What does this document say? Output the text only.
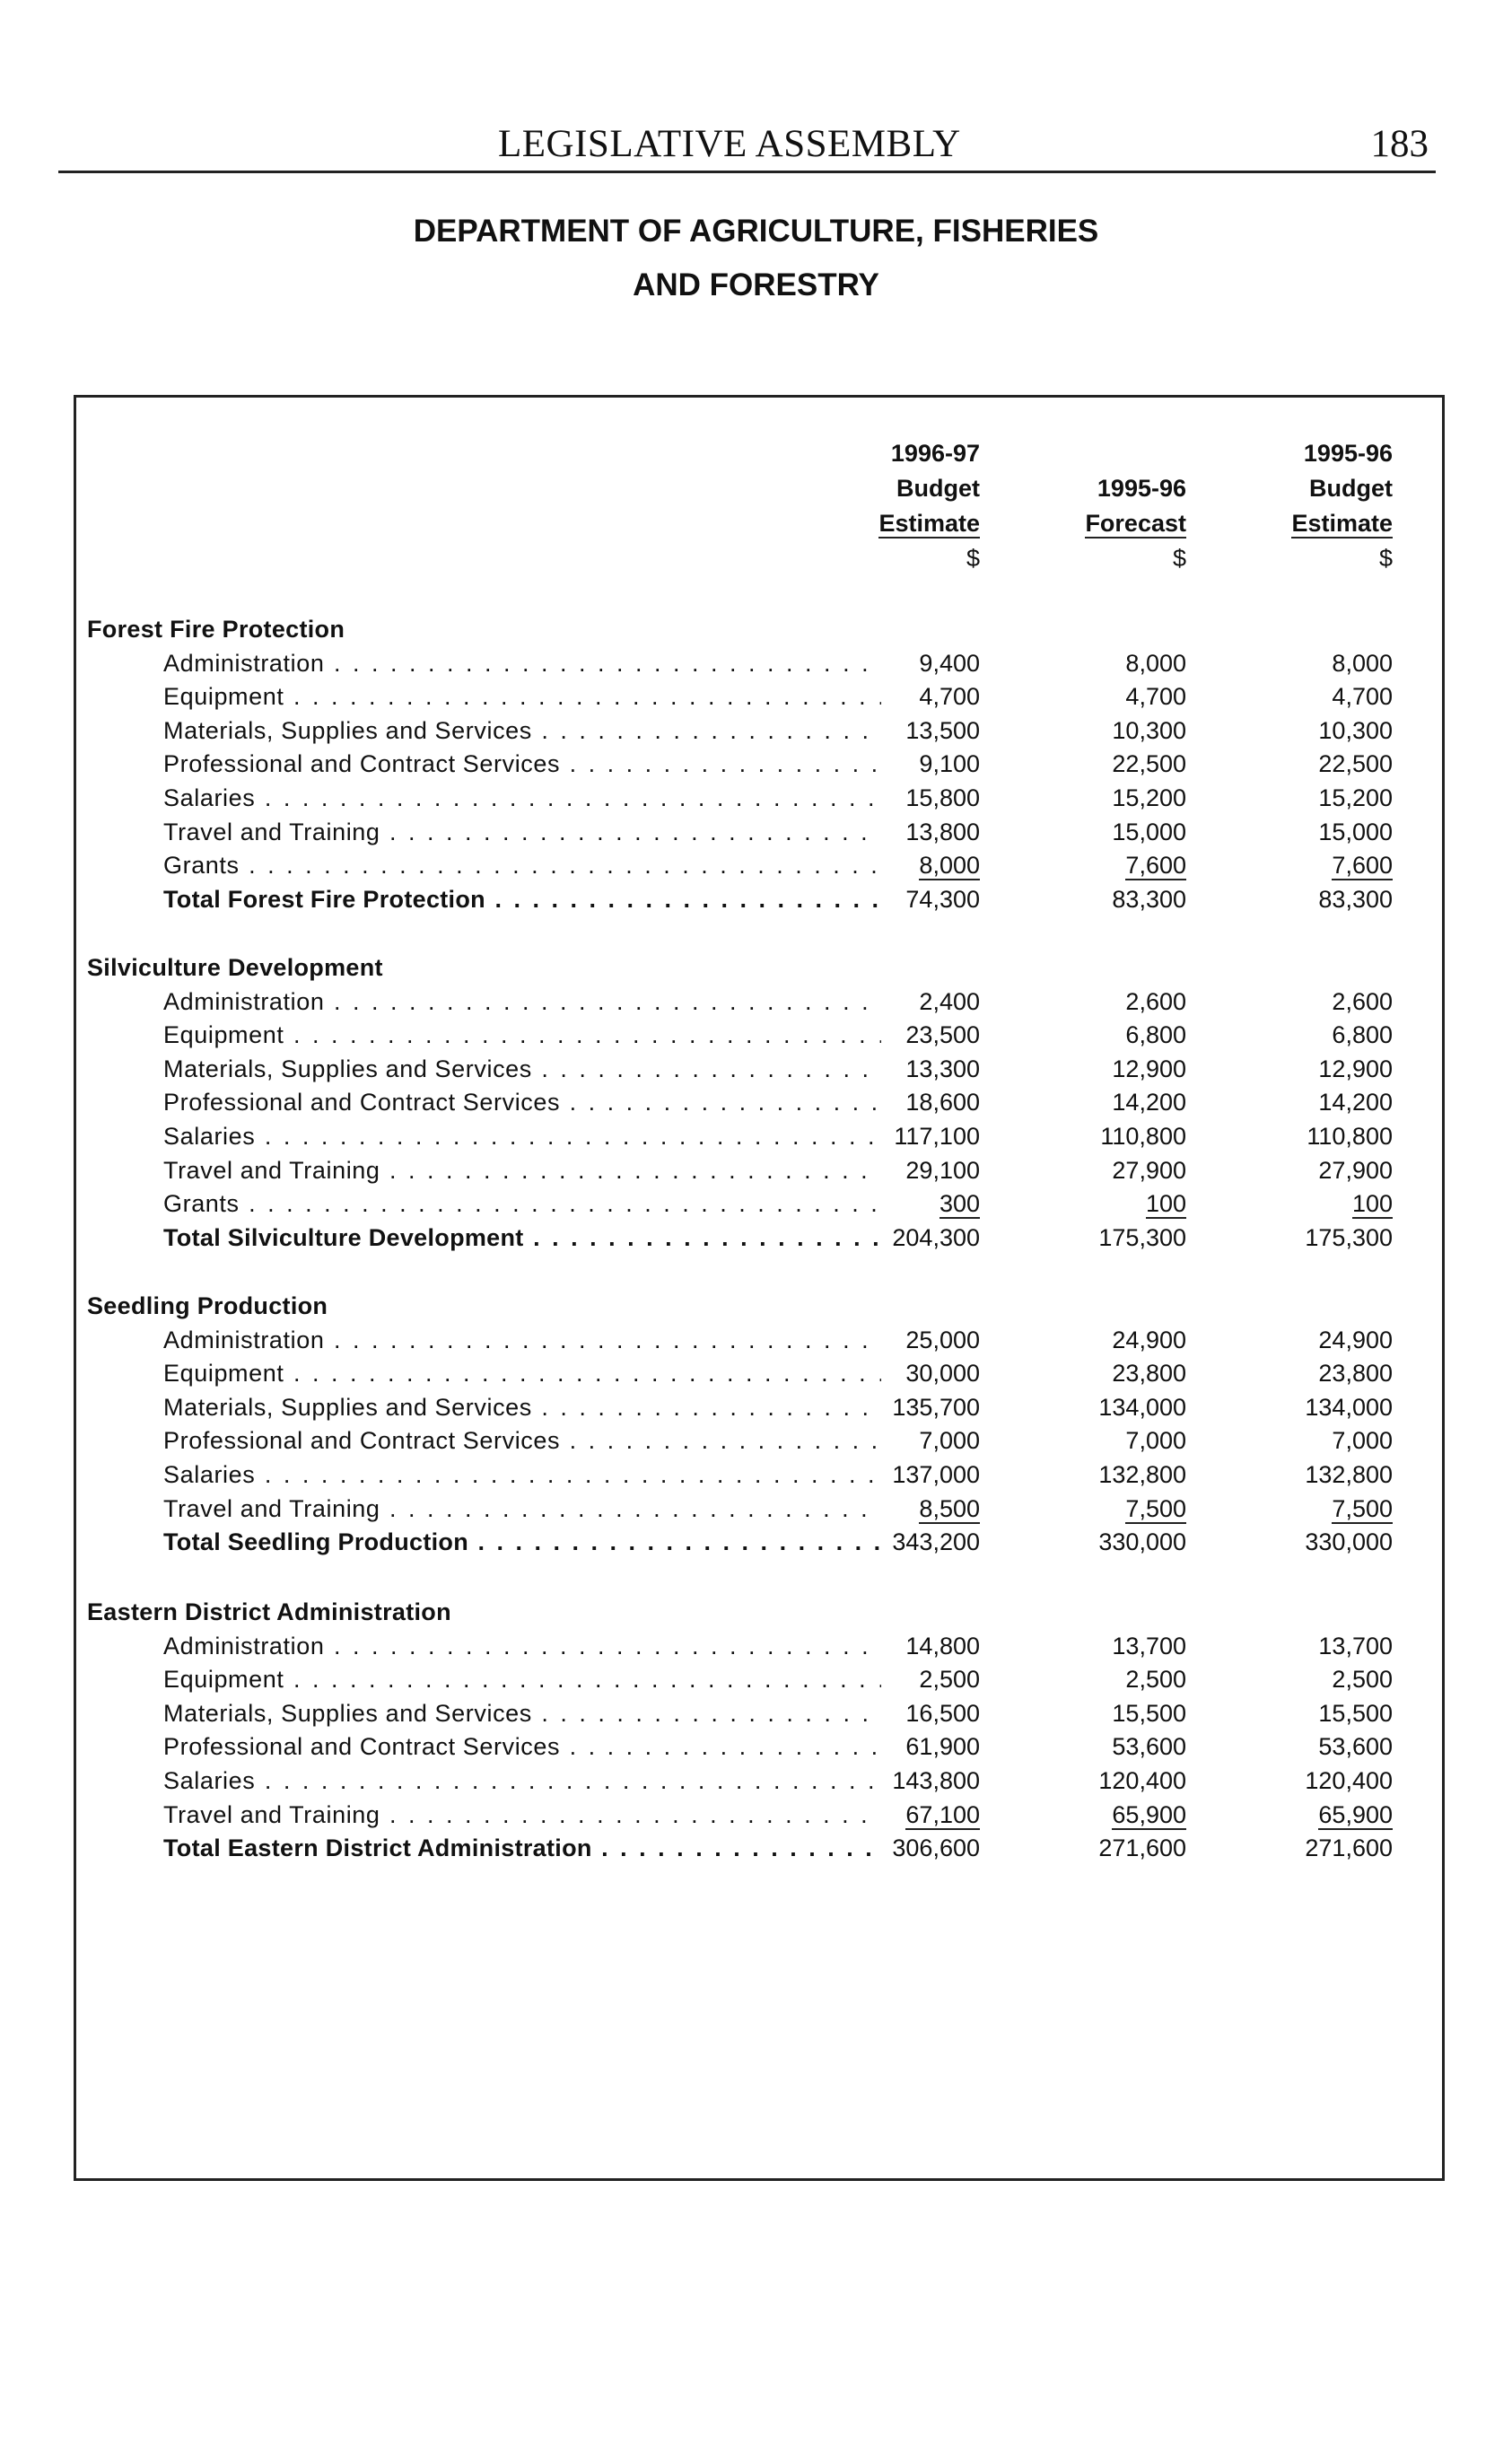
LEGISLATIVE ASSEMBLY	183
DEPARTMENT OF AGRICULTURE, FISHERIES
AND FORESTRY
1996-97
Budget
Estimate
$
1995-96
Forecast
$
1995-96
Budget
Estimate
$
Forest Fire Protection
Administration . . .	9,400	8,000	8,000
Equipment . . .	4,700	4,700	4,700
Materials, Supplies and Services . . .	13,500	10,300	10,300
Professional and Contract Services . . .	9,100	22,500	22,500
Salaries . . .	15,800	15,200	15,200
Travel and Training . . .	13,800	15,000	15,000
Grants . . .	8,000	7,600	7,600
Total Forest Fire Protection . . .	74,300	83,300	83,300
Silviculture Development
Administration . . .	2,400	2,600	2,600
Equipment . . .	23,500	6,800	6,800
Materials, Supplies and Services . . .	13,300	12,900	12,900
Professional and Contract Services . . .	18,600	14,200	14,200
Salaries . . .	117,100	110,800	110,800
Travel and Training . . .	29,100	27,900	27,900
Grants . . .	300	100	100
Total Silviculture Development . . .	204,300	175,300	175,300
Seedling Production
Administration . . .	25,000	24,900	24,900
Equipment . . .	30,000	23,800	23,800
Materials, Supplies and Services . . .	135,700	134,000	134,000
Professional and Contract Services . . .	7,000	7,000	7,000
Salaries . . .	137,000	132,800	132,800
Travel and Training . . .	8,500	7,500	7,500
Total Seedling Production . . .	343,200	330,000	330,000
Eastern District Administration
Administration . . .	14,800	13,700	13,700
Equipment . . .	2,500	2,500	2,500
Materials, Supplies and Services . . .	16,500	15,500	15,500
Professional and Contract Services . . .	61,900	53,600	53,600
Salaries . . .	143,800	120,400	120,400
Travel and Training . . .	67,100	65,900	65,900
Total Eastern District Administration . . .	306,600	271,600	271,600
